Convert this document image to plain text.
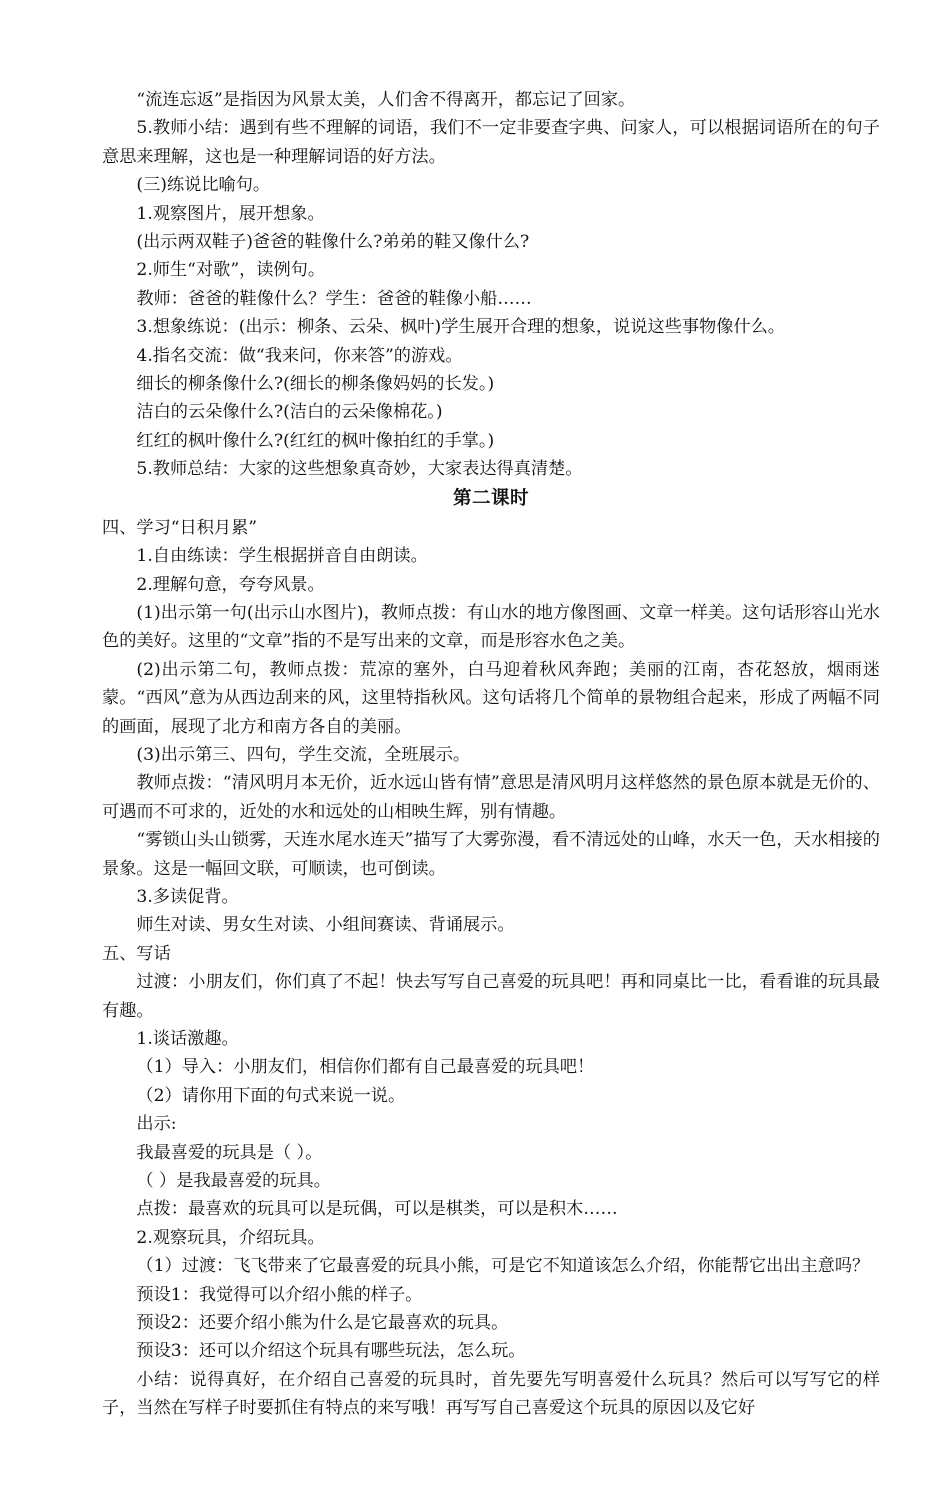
“流连忘返”是指因为风景太美，人们舍不得离开，都忘记了回家。

5.教师小结：遇到有些不理解的词语，我们不一定非要查字典、问家人，可以根据词语所在的句子意思来理解，这也是一种理解词语的好方法。

(三)练说比喻句。

1.观察图片，展开想象。

(出示两双鞋子)爸爸的鞋像什么?弟弟的鞋又像什么?

2.师生“对歌”，读例句。

教师：爸爸的鞋像什么？学生：爸爸的鞋像小船……

3.想象练说：(出示：柳条、云朵、枫叶)学生展开合理的想象，说说这些事物像什么。

4.指名交流：做“我来问，你来答”的游戏。

细长的柳条像什么?(细长的柳条像妈妈的长发。)

洁白的云朵像什么?(洁白的云朵像棉花。)

红红的枫叶像什么?(红红的枫叶像拍红的手掌。)

5.教师总结：大家的这些想象真奇妙，大家表达得真清楚。

第二课时

四、学习“日积月累”

1.自由练读：学生根据拼音自由朗读。

2.理解句意，夸夸风景。

(1)出示第一句(出示山水图片)，教师点拨：有山水的地方像图画、文章一样美。这句话形容山光水色的美好。这里的“文章”指的不是写出来的文章，而是形容水色之美。

(2)出示第二句，教师点拨：荒凉的塞外，白马迎着秋风奔跑；美丽的江南，杏花怒放，烟雨迷蒙。“西风”意为从西边刮来的风，这里特指秋风。这句话将几个简单的景物组合起来，形成了两幅不同的画面，展现了北方和南方各自的美丽。

(3)出示第三、四句，学生交流，全班展示。

教师点拨：“清风明月本无价，近水远山皆有情”意思是清风明月这样悠然的景色原本就是无价的、可遇而不可求的，近处的水和远处的山相映生辉，别有情趣。

“雾锁山头山锁雾，天连水尾水连天”描写了大雾弥漫，看不清远处的山峰，水天一色，天水相接的景象。这是一幅回文联，可顺读，也可倒读。

3.多读促背。

师生对读、男女生对读、小组间赛读、背诵展示。

五、写话

过渡：小朋友们，你们真了不起！快去写写自己喜爱的玩具吧！再和同桌比一比，看看谁的玩具最有趣。

1.谈话激趣。

（1）导入：小朋友们，相信你们都有自己最喜爱的玩具吧！

（2）请你用下面的句式来说一说。

出示:

我最喜爱的玩具是（ ）。

（ ）是我最喜爱的玩具。

点拨：最喜欢的玩具可以是玩偶，可以是棋类，可以是积木……

2.观察玩具，介绍玩具。

（1）过渡：飞飞带来了它最喜爱的玩具小熊，可是它不知道该怎么介绍，你能帮它出出主意吗？

预设1：我觉得可以介绍小熊的样子。

预设2：还要介绍小熊为什么是它最喜欢的玩具。

预设3：还可以介绍这个玩具有哪些玩法，怎么玩。

小结：说得真好，在介绍自己喜爱的玩具时，首先要先写明喜爱什么玩具？然后可以写写它的样子，当然在写样子时要抓住有特点的来写哦！再写写自己喜爱这个玩具的原因以及它好
